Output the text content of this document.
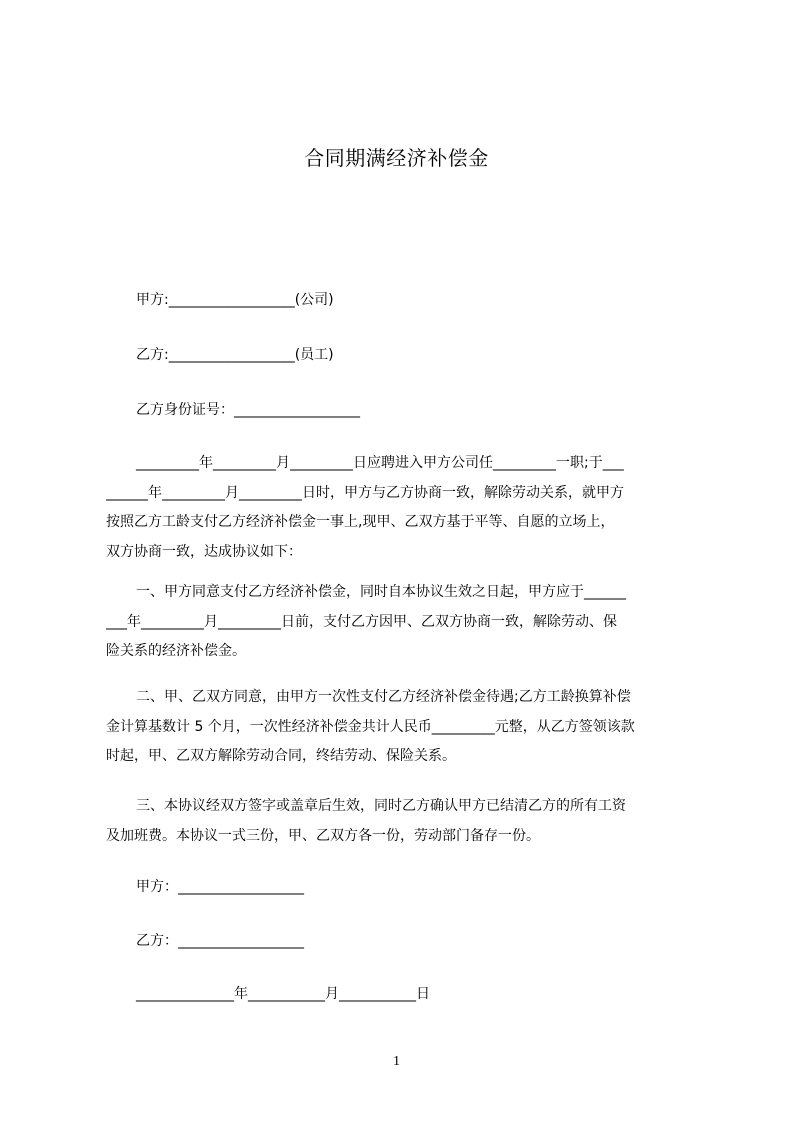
合同期满经济补偿金
甲方:__________________(公司)
乙方:__________________(员工)
乙方身份证号：__________________
_________年_________月_________日应聘进入甲方公司任_________一职;于___
______年_________月_________日时，甲方与乙方协商一致，解除劳动关系，就甲方
按照乙方工龄支付乙方经济补偿金一事上,现甲、乙双方基于平等、自愿的立场上，
双方协商一致，达成协议如下：
一、甲方同意支付乙方经济补偿金，同时自本协议生效之日起，甲方应于______
___年_________月_________日前，支付乙方因甲、乙双方协商一致，解除劳动、保
险关系的经济补偿金。
二、甲、乙双方同意，由甲方一次性支付乙方经济补偿金待遇;乙方工龄换算补偿
金计算基数计 5 个月，一次性经济补偿金共计人民币_________元整，从乙方签领该款
时起，甲、乙双方解除劳动合同，终结劳动、保险关系。
三、本协议经双方签字或盖章后生效，同时乙方确认甲方已结清乙方的所有工资
及加班费。本协议一式三份，甲、乙双方各一份，劳动部门备存一份。
甲方：__________________
乙方：__________________
______________年___________月___________日
1
